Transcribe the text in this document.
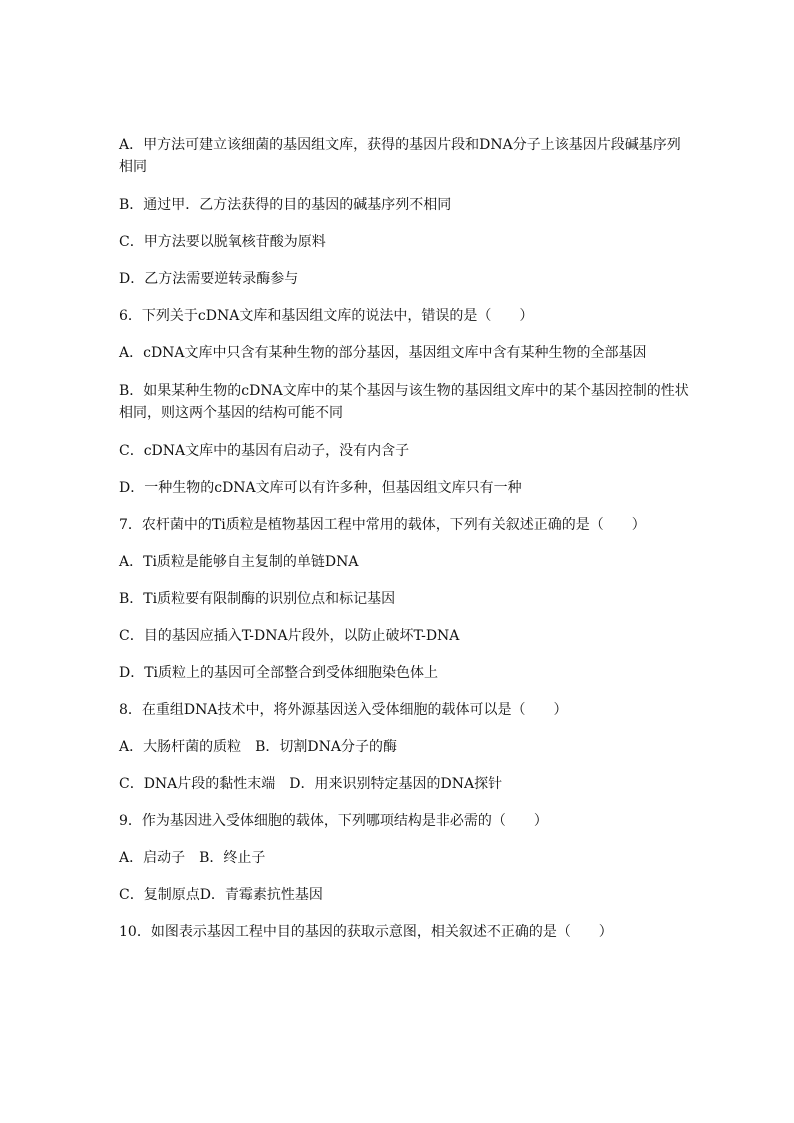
A．甲方法可建立该细菌的基因组文库，获得的基因片段和DNA分子上该基因片段碱基序列相同
B．通过甲．乙方法获得的目的基因的碱基序列不相同
C．甲方法要以脱氧核苷酸为原料
D．乙方法需要逆转录酶参与
6．下列关于cDNA文库和基因组文库的说法中，错误的是（　　）
A．cDNA文库中只含有某种生物的部分基因，基因组文库中含有某种生物的全部基因
B．如果某种生物的cDNA文库中的某个基因与该生物的基因组文库中的某个基因控制的性状相同，则这两个基因的结构可能不同
C．cDNA文库中的基因有启动子，没有内含子
D．一种生物的cDNA文库可以有许多种，但基因组文库只有一种
7．农杆菌中的Ti质粒是植物基因工程中常用的载体，下列有关叙述正确的是（　　）
A．Ti质粒是能够自主复制的单链DNA
B．Ti质粒要有限制酶的识别位点和标记基因
C．目的基因应插入T-DNA片段外，以防止破坏T-DNA
D．Ti质粒上的基因可全部整合到受体细胞染色体上
8．在重组DNA技术中，将外源基因送入受体细胞的载体可以是（　　）
A．大肠杆菌的质粒　B．切割DNA分子的酶
C．DNA片段的黏性末端　D．用来识别特定基因的DNA探针
9．作为基因进入受体细胞的载体，下列哪项结构是非必需的（　　）
A．启动子　B．终止子
C．复制原点D．青霉素抗性基因
10．如图表示基因工程中目的基因的获取示意图，相关叙述不正确的是（　　）
